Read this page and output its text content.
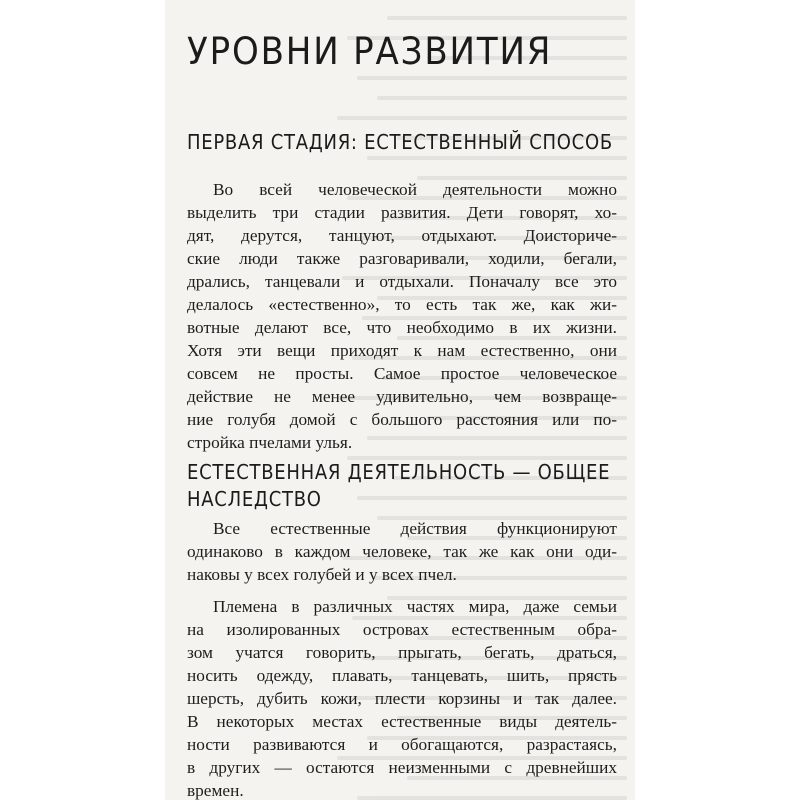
УРОВНИ РАЗВИТИЯ
ПЕРВАЯ СТАДИЯ: ЕСТЕСТВЕННЫЙ СПОСОБ
Во всей человеческой деятельности можно
выделить три стадии развития. Дети говорят, хо-
дят, дерутся, танцуют, отдыхают. Доисториче-
ские люди также разговаривали, ходили, бегали,
дрались, танцевали и отдыхали. Поначалу все это
делалось «естественно», то есть так же, как жи-
вотные делают все, что необходимо в их жизни.
Хотя эти вещи приходят к нам естественно, они
совсем не просты. Самое простое человеческое
действие не менее удивительно, чем возвраще-
ние голубя домой с большого расстояния или по-
стройка пчелами улья.
ЕСТЕСТВЕННАЯ ДЕЯТЕЛЬНОСТЬ — ОБЩЕЕ
НАСЛЕДСТВО
Все естественные действия функционируют
одинаково в каждом человеке, так же как они оди-
наковы у всех голубей и у всех пчел.
Племена в различных частях мира, даже семьи
на изолированных островах естественным обра-
зом учатся говорить, прыгать, бегать, драться,
носить одежду, плавать, танцевать, шить, прясть
шерсть, дубить кожи, плести корзины и так далее.
В некоторых местах естественные виды деятель-
ности развиваются и обогащаются, разрастаясь,
в других — остаются неизменными с древнейших
времен.
